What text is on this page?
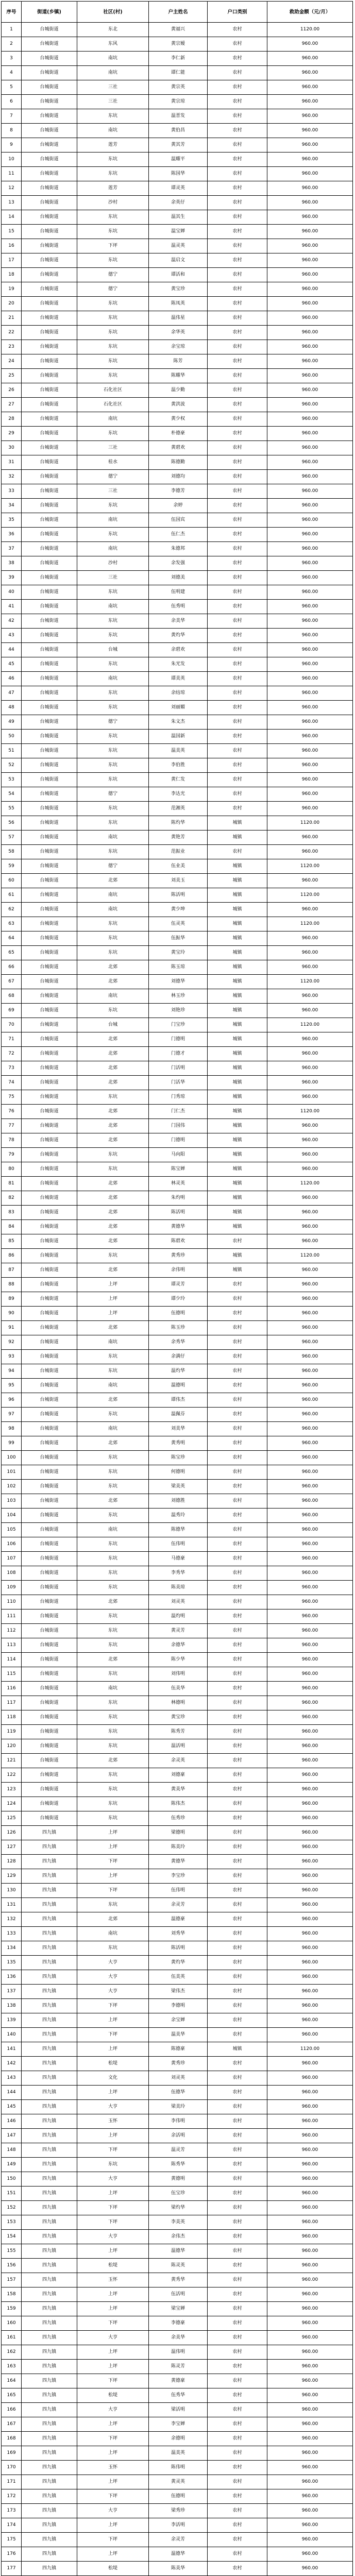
序号	街道(乡镇)	社区(村)	户主姓名	户口类别	救助金额（元/月）
1	台城街道	东北	黄福兴	农村	1120.00
2	台城街道	东风	黄宗嫒	农村	960.00
3	台城街道	南坑	李仁新	农村	960.00
4	台城街道	南坑	谭仁能	农村	960.00
5	台城街道	三社	黄宗英	农村	960.00
6	台城街道	三社	黄宗琼	农村	960.00
7	台城街道	东坑	温晋发	农村	960.00
8	台城街道	南坑	黄伯昌	农村	960.00
9	台城街道	莲芳	黄其芳	农村	960.00
10	台城街道	东坑	温耀平	农村	960.00
11	台城街道	东坑	陈国华	农村	960.00
12	台城街道	莲芳	谭灵英	农村	960.00
13	台城街道	沙村	余英仔	农村	960.00
14	台城街道	东坑	温其生	农村	960.00
15	台城街道	东坑	温宝婵	农村	960.00
16	台城街道	下坪	温灵英	农村	960.00
17	台城街道	东坑	温启文	农村	960.00
18	台城街道	德宁	谭活和	农村	960.00
19	台城街道	德宁	黄宝珍	农村	960.00
20	台城街道	东坑	陈凤英	农村	960.00
21	台城街道	东坑	温伟星	农村	960.00
22	台城街道	东坑	余华英	农村	960.00
23	台城街道	东坑	余宝琼	农村	960.00
24	台城街道	东坑	陈芳	农村	960.00
25	台城街道	东坑	陈耀华	农村	960.00
26	台城街道	石化社区	温少勤	农村	960.00
27	台城街道	石化社区	黄洪波	农村	960.00
28	台城街道	南坑	黄少权	农村	960.00
29	台城街道	东坑	朴德豪	农村	960.00
30	台城街道	三社	黄碧欢	农村	960.00
31	台城街道	桂水	陈德勤	农村	960.00
32	台城街道	德宁	刘德均	农村	960.00
33	台城街道	三社	李德芳	农村	960.00
34	台城街道	东坑	余婷	农村	960.00
35	台城街道	南坑	伍国宾	农村	960.00
36	台城街道	东坑	伍仁杰	农村	960.00
37	台城街道	南坑	朱德邦	农村	960.00
38	台城街道	沙村	余发强	农村	960.00
39	台城街道	三社	刘德美	农村	960.00
40	台城街道	东坑	伍明建	农村	960.00
41	台城街道	南坑	伍秀明	农村	960.00
42	台城街道	东坑	余美华	农村	960.00
43	台城街道	东坑	黄灼华	农村	960.00
44	台城街道	台城	余碧欢	农村	960.00
45	台城街道	东坑	朱光发	农村	960.00
46	台城街道	南坑	谭美英	农村	960.00
47	台城街道	东坑	余结琼	农村	960.00
48	台城街道	东坑	刘丽媚	农村	960.00
49	台城街道	德宁	朱文杰	农村	960.00
50	台城街道	东坑	温国新	农村	960.00
51	台城街道	东坑	温美英	农村	960.00
52	台城街道	东坑	李伯胜	农村	960.00
53	台城街道	东坑	黄仁发	农村	960.00
54	台城街道	德宁	李达光	农村	960.00
55	台城街道	东坑	范湘英	农村	960.00
56	台城街道	东坑	陈灼华	城镇	1120.00
57	台城街道	南坑	黄艳芳	城镇	960.00
58	台城街道	东坑	范振业	农村	960.00
59	台城街道	德宁	伍业美	城镇	1120.00
60	台城街道	北郊	刘美玉	城镇	960.00
61	台城街道	南坑	陈活明	城镇	1120.00
62	台城街道	南坑	黄少坤	城镇	960.00
63	台城街道	东坑	伍灵英	城镇	1120.00
64	台城街道	东坑	伍振华	城镇	960.00
65	台城街道	东坑	黄宝玲	城镇	960.00
66	台城街道	北郊	陈玉琼	城镇	960.00
67	台城街道	北郊	刘德华	城镇	1120.00
68	台城街道	南坑	林玉珍	城镇	960.00
69	台城街道	东坑	刘艳珍	城镇	960.00
70	台城街道	台城	门宝珍	城镇	1120.00
71	台城街道	北郊	门德明	城镇	960.00
72	台城街道	北郊	门德才	城镇	960.00
73	台城街道	北郊	门活明	城镇	960.00
74	台城街道	北郊	门活华	城镇	960.00
75	台城街道	东坑	门秀琼	城镇	960.00
76	台城街道	北郊	门仁杰	城镇	1120.00
77	台城街道	北郊	门国伟	城镇	960.00
78	台城街道	北郊	门德明	城镇	960.00
79	台城街道	东坑	马向阳	城镇	960.00
80	台城街道	东坑	陈宝婵	城镇	960.00
81	台城街道	北郊	林灵英	城镇	1120.00
82	台城街道	北郊	朱灼明	城镇	960.00
83	台城街道	北郊	陈活明	城镇	960.00
84	台城街道	北郊	黄德华	城镇	960.00
85	台城街道	北郊	陈碧欢	农村	960.00
86	台城街道	东坑	黄秀珍	城镇	1120.00
87	台城街道	北郊	余伟明	城镇	960.00
88	台城街道	上坪	谭灵芳	农村	960.00
89	台城街道	上坪	谭少玲	农村	960.00
90	台城街道	上坪	伍德明	农村	960.00
91	台城街道	北郊	陈玉珍	农村	960.00
92	台城街道	南坑	余秀华	农村	960.00
93	台城街道	东坑	余满仔	农村	960.00
94	台城街道	东坑	温灼华	农村	960.00
95	台城街道	南坑	温德明	农村	960.00
96	台城街道	北郊	谭伟杰	农村	960.00
97	台城街道	东坑	温佩芬	农村	960.00
98	台城街道	南坑	刘美华	农村	960.00
99	台城街道	北郊	黄秀明	农村	960.00
100	台城街道	东坑	陈宝珍	农村	960.00
101	台城街道	东坑	何德明	农村	960.00
102	台城街道	东坑	梁美英	农村	960.00
103	台城街道	北郊	刘德胜	农村	960.00
104	台城街道	东坑	温秀玲	农村	960.00
105	台城街道	南坑	陈德华	农村	960.00
106	台城街道	东坑	伍伟明	农村	960.00
107	台城街道	东坑	马德豪	农村	960.00
108	台城街道	东坑	李秀华	农村	960.00
109	台城街道	东坑	陈美琼	农村	960.00
110	台城街道	北郊	刘灵英	农村	960.00
111	台城街道	东坑	温灼明	农村	960.00
112	台城街道	东坑	黄灵芳	农村	960.00
113	台城街道	东坑	余德华	农村	960.00
114	台城街道	北郊	陈少华	农村	960.00
115	台城街道	东坑	刘伟明	农村	960.00
116	台城街道	南坑	伍美华	农村	960.00
117	台城街道	东坑	林德明	农村	960.00
118	台城街道	东坑	黄宝珍	农村	960.00
119	台城街道	东坑	陈秀芳	农村	960.00
120	台城街道	东坑	温活明	农村	960.00
121	台城街道	北郊	余灵英	农村	960.00
122	台城街道	东坑	刘德豪	农村	960.00
123	台城街道	东坑	黄美华	农村	960.00
124	台城街道	东坑	陈伟杰	农村	960.00
125	台城街道	东坑	伍秀珍	农村	960.00
126	四九镇	上坪	梁德明	农村	960.00
127	四九镇	上坪	陈美玲	农村	960.00
128	四九镇	下坪	黄德华	农村	960.00
129	四九镇	上坪	李宝珍	农村	960.00
130	四九镇	下坪	伍伟明	农村	960.00
131	四九镇	东坑	余灵芳	农村	960.00
132	四九镇	北郊	温德豪	农村	960.00
133	四九镇	南坑	刘秀华	农村	960.00
134	四九镇	东坑	陈活明	农村	960.00
135	四九镇	大亨	黄灼华	农村	960.00
136	四九镇	大亨	伍美英	农村	960.00
137	四九镇	大亨	梁伟杰	农村	960.00
138	四九镇	下坪	李德明	农村	960.00
139	四九镇	上坪	余宝婵	农村	960.00
140	四九镇	下坪	温美华	农村	960.00
141	四九镇	上坪	陈德豪	城镇	1120.00
142	四九镇	松堤	黄秀珍	农村	960.00
143	四九镇	文化	刘灵英	农村	960.00
144	四九镇	上坪	伍德华	农村	960.00
145	四九镇	大亨	梁美玲	农村	960.00
146	四九镇	玉怀	李伟明	农村	960.00
147	四九镇	上坪	余活明	农村	960.00
148	四九镇	下坪	温灵芳	农村	960.00
149	四九镇	东坑	陈秀华	农村	960.00
150	四九镇	大亨	黄德明	农村	960.00
151	四九镇	上坪	伍宝珍	农村	960.00
152	四九镇	下坪	梁灼华	农村	960.00
153	四九镇	下坪	李美英	农村	960.00
154	四九镇	大亨	余伟杰	农村	960.00
155	四九镇	上坪	温德华	农村	960.00
156	四九镇	松堤	陈灵英	农村	960.00
157	四九镇	玉怀	黄秀华	农村	960.00
158	四九镇	上坪	伍活明	农村	960.00
159	四九镇	上坪	梁宝婵	农村	960.00
160	四九镇	下坪	李德豪	农村	960.00
161	四九镇	大亨	余美华	农村	960.00
162	四九镇	上坪	温伟明	农村	960.00
163	四九镇	上坪	陈灵芳	农村	960.00
164	四九镇	下坪	黄德豪	农村	960.00
165	四九镇	松堤	伍秀华	农村	960.00
166	四九镇	大亨	梁活明	农村	960.00
167	四九镇	上坪	李宝婵	农村	960.00
168	四九镇	下坪	余德明	农村	960.00
169	四九镇	上坪	温美英	农村	960.00
170	四九镇	玉怀	陈伟明	农村	960.00
171	四九镇	上坪	黄灵英	农村	960.00
172	四九镇	下坪	伍德明	农村	960.00
173	四九镇	大亨	梁秀珍	农村	960.00
174	四九镇	上坪	李活明	农村	960.00
175	四九镇	下坪	余灵芳	农村	960.00
176	四九镇	上坪	温德华	农村	960.00
177	四九镇	松堤	陈美华	农村	960.00
